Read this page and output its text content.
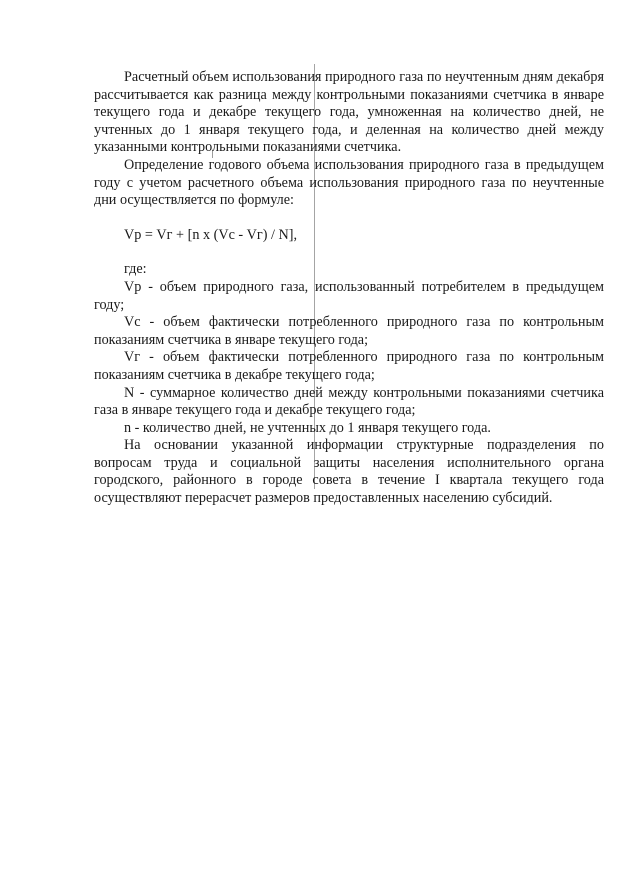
Расчетный объем использования природного газа по неучтенным дням декабря рассчитывается как разница между контрольными показаниями счетчика в январе текущего года и декабре текущего года, умноженная на количество дней, не учтенных до 1 января текущего года, и деленная на количество дней между указанными контрольными показаниями счетчика.

Определение годового объема использования природного газа в предыдущем году с учетом расчетного объема использования природного газа по неучтенные дни осуществляется по формуле:

Vр = Vг + [n х (Vс - Vг) / N],

где:

Vр - объем природного газа, использованный потребителем в предыдущем году;

Vс - объем фактически потребленного природного газа по контрольным показаниям счетчика в январе текущего года;

Vг - объем фактически потребленного природного газа по контрольным показаниям счетчика в декабре текущего года;

N - суммарное количество дней между контрольными показаниями счетчика газа в январе текущего года и декабре текущего года;

n - количество дней, не учтенных до 1 января текущего года.

На основании указанной информации структурные подразделения по вопросам труда и социальной защиты населения исполнительного органа городского, районного в городе совета в течение I квартала текущего года осуществляют перерасчет размеров предоставленных населению субсидий.
